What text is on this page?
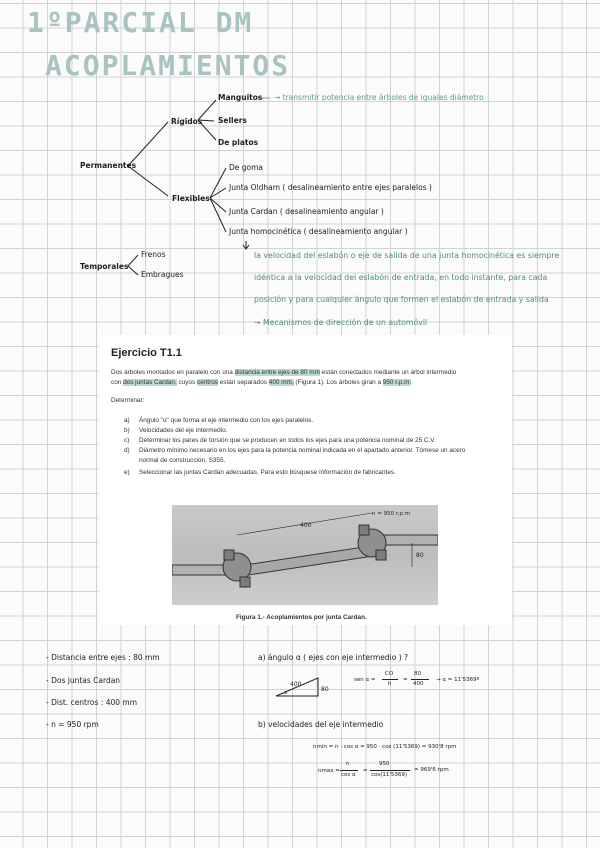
1ºPARCIAL DM
ACOPLAMIENTOS
Permanentes
Rígidos
Manguitos
Sellers
De platos
→ transmitir potencia entre árboles de iguales diámetro
Flexibles
De goma
Junta Oldham ( desalineamiento entre ejes paralelos )
Junta Cardan ( desalineamiento angular )
Junta homocinética ( desalineamiento angular )
la velocidad del eslabón o eje de salida de una junta homocinética es siempre
idéntica a la velocidad del eslabón de entrada, en todo instante, para cada
posición y para cualquier ángulo que formen el eslabón de entrada y salida
→ Mecanismos de dirección de un automóvil
Temporales
Frenos
Embragues
Ejercicio T1.1
Dos árboles montados en paralelo con una distancia entre ejes de 80 mm están conectados mediante un árbol intermedio
con dos juntas Cardan, cuyos centros están separados 400 mm, (Figura 1). Los árboles giran a 950 r.p.m.
Determinar:
a) Ángulo "α" que forma el eje intermedio con los ejes paralelos.
b) Velocidades del eje intermedio.
c) Determinar los pares de torsión que se producen en todos los ejes para una potencia nominal de 25 C.V.
d) Diámetro mínimo necesario en los ejes para la potencia nominal indicada en el apartado anterior. Tómese un acero
normal de construcción, S355.
e) Seleccionar las juntas Cardan adecuadas. Para esto búsquese información de fabricantes.
400
n = 950 r.p.m
80
Figura 1.- Acoplamientos por junta Cardan.
- Distancia entre ejes : 80 mm
- Dos juntas Cardan
- Dist. centros : 400 mm
- n = 950 rpm
a) ángulo α ( ejes con eje intermedio ) ?
400
80
α
sen α =
CO
h
=
80
400
→ α = 11'5369º
b) velocidades del eje intermedio
nmin = n · cos α = 950 · cos (11'5369) = 930'8 rpm
nmax =
n
cos α
=
950
cos(11'5369)
= 969'6 rpm
